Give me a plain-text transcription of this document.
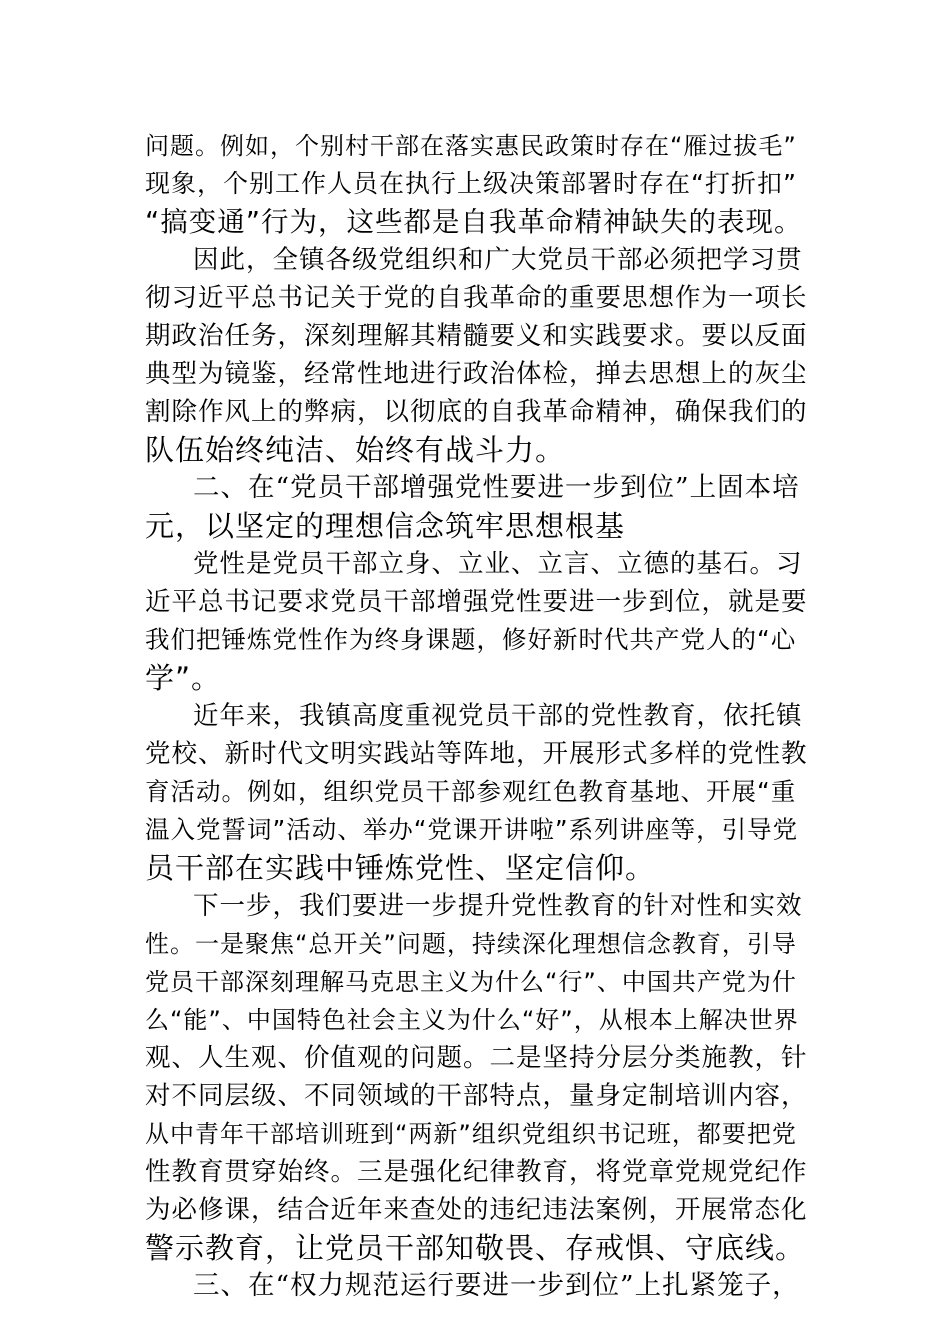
问题。例如，个别村干部在落实惠民政策时存在“雁过拔毛”
现象，个别工作人员在执行上级决策部署时存在“打折扣”
“搞变通”行为，这些都是自我革命精神缺失的表现。
因此，全镇各级党组织和广大党员干部必须把学习贯
彻习近平总书记关于党的自我革命的重要思想作为一项长
期政治任务，深刻理解其精髓要义和实践要求。要以反面
典型为镜鉴，经常性地进行政治体检，掸去思想上的灰尘
割除作风上的弊病，以彻底的自我革命精神，确保我们的
队伍始终纯洁、始终有战斗力。
二、在“党员干部增强党性要进一步到位”上固本培
元，以坚定的理想信念筑牢思想根基
党性是党员干部立身、立业、立言、立德的基石。习
近平总书记要求党员干部增强党性要进一步到位，就是要
我们把锤炼党性作为终身课题，修好新时代共产党人的“心
学”。
近年来，我镇高度重视党员干部的党性教育，依托镇
党校、新时代文明实践站等阵地，开展形式多样的党性教
育活动。例如，组织党员干部参观红色教育基地、开展“重
温入党誓词”活动、举办“党课开讲啦”系列讲座等，引导党
员干部在实践中锤炼党性、坚定信仰。
下一步，我们要进一步提升党性教育的针对性和实效
性。一是聚焦“总开关”问题，持续深化理想信念教育，引导
党员干部深刻理解马克思主义为什么“行”、中国共产党为什
么“能”、中国特色社会主义为什么“好”，从根本上解决世界
观、人生观、价值观的问题。二是坚持分层分类施教，针
对不同层级、不同领域的干部特点，量身定制培训内容，
从中青年干部培训班到“两新”组织党组织书记班，都要把党
性教育贯穿始终。三是强化纪律教育，将党章党规党纪作
为必修课，结合近年来查处的违纪违法案例，开展常态化
警示教育，让党员干部知敬畏、存戒惧、守底线。
三、在“权力规范运行要进一步到位”上扎紧笼子，
